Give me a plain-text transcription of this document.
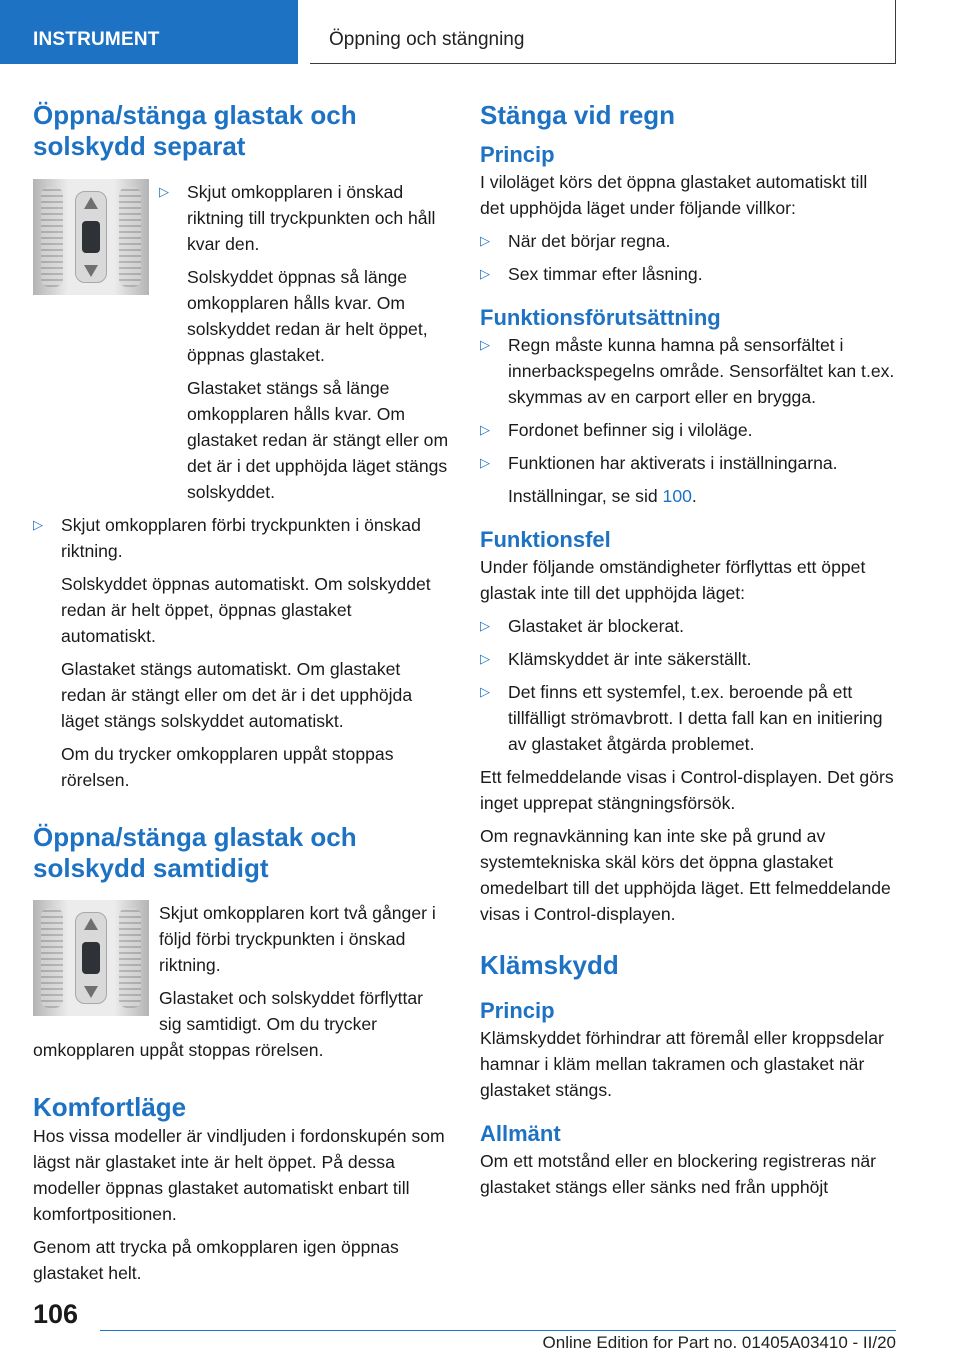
INSTRUMENT	Öppning och stängning
Öppna/stänga glastak och solskydd separat
▷ Skjut omkopplaren i önskad riktning till tryckpunkten och håll kvar den.

Solskyddet öppnas så länge omkopplaren hålls kvar. Om solskyddet redan är helt öppet, öppnas glastaket.

Glastaket stängs så länge omkopplaren hålls kvar. Om glastaket redan är stängt eller om det är i det upphöjda läget stängs solskyddet.

▷ Skjut omkopplaren förbi tryckpunkten i önskad riktning.

Solskyddet öppnas automatiskt. Om solskyddet redan är helt öppet, öppnas glastaket automatiskt.

Glastaket stängs automatiskt. Om glastaket redan är stängt eller om det är i det upphöjda läget stängs solskyddet automatiskt.

Om du trycker omkopplaren uppåt stoppas rörelsen.

Öppna/stänga glastak och solskydd samtidigt

Skjut omkopplaren kort två gånger i följd förbi tryckpunkten i önskad riktning.

Glastaket och solskyddet förflyttar sig samtidigt. Om du trycker omkopplaren uppåt stoppas rörelsen.

Komfortläge

Hos vissa modeller är vindljuden i fordonskupén som lägst när glastaket inte är helt öppet. På dessa modeller öppnas glastaket automatiskt enbart till komfortpositionen.

Genom att trycka på omkopplaren igen öppnas glastaket helt.

Stänga vid regn
Princip

I viloläget körs det öppna glastaket automatiskt till det upphöjda läget under följande villkor:

▷ När det börjar regna.
▷ Sex timmar efter låsning.
Funktionsförutsättning
▷ Regn måste kunna hamna på sensorfältet i innerbackspegelns område. Sensorfältet kan t.ex. skymmas av en carport eller en brygga.
▷ Fordonet befinner sig i viloläge.
▷ Funktionen har aktiverats i inställningarna.

Inställningar, se sid 100.

Funktionsfel

Under följande omständigheter förflyttas ett öppet glastak inte till det upphöjda läget:

▷ Glastaket är blockerat.
▷ Klämskyddet är inte säkerställt.
▷ Det finns ett systemfel, t.ex. beroende på ett tillfälligt strömavbrott. I detta fall kan en initiering av glastaket åtgärda problemet.

Ett felmeddelande visas i Control-displayen. Det görs inget upprepat stängningsförsök.

Om regnavkänning kan inte ske på grund av systemtekniska skäl körs det öppna glastaket omedelbart till det upphöjda läget. Ett felmeddelande visas i Control-displayen.

Klämskydd
Princip

Klämskyddet förhindrar att föremål eller kroppsdelar hamnar i kläm mellan takramen och glastaket när glastaket stängs.

Allmänt

Om ett motstånd eller en blockering registreras när glastaket stängs eller sänks ned från upphöjt

106
Online Edition for Part no. 01405A03410 - II/20
